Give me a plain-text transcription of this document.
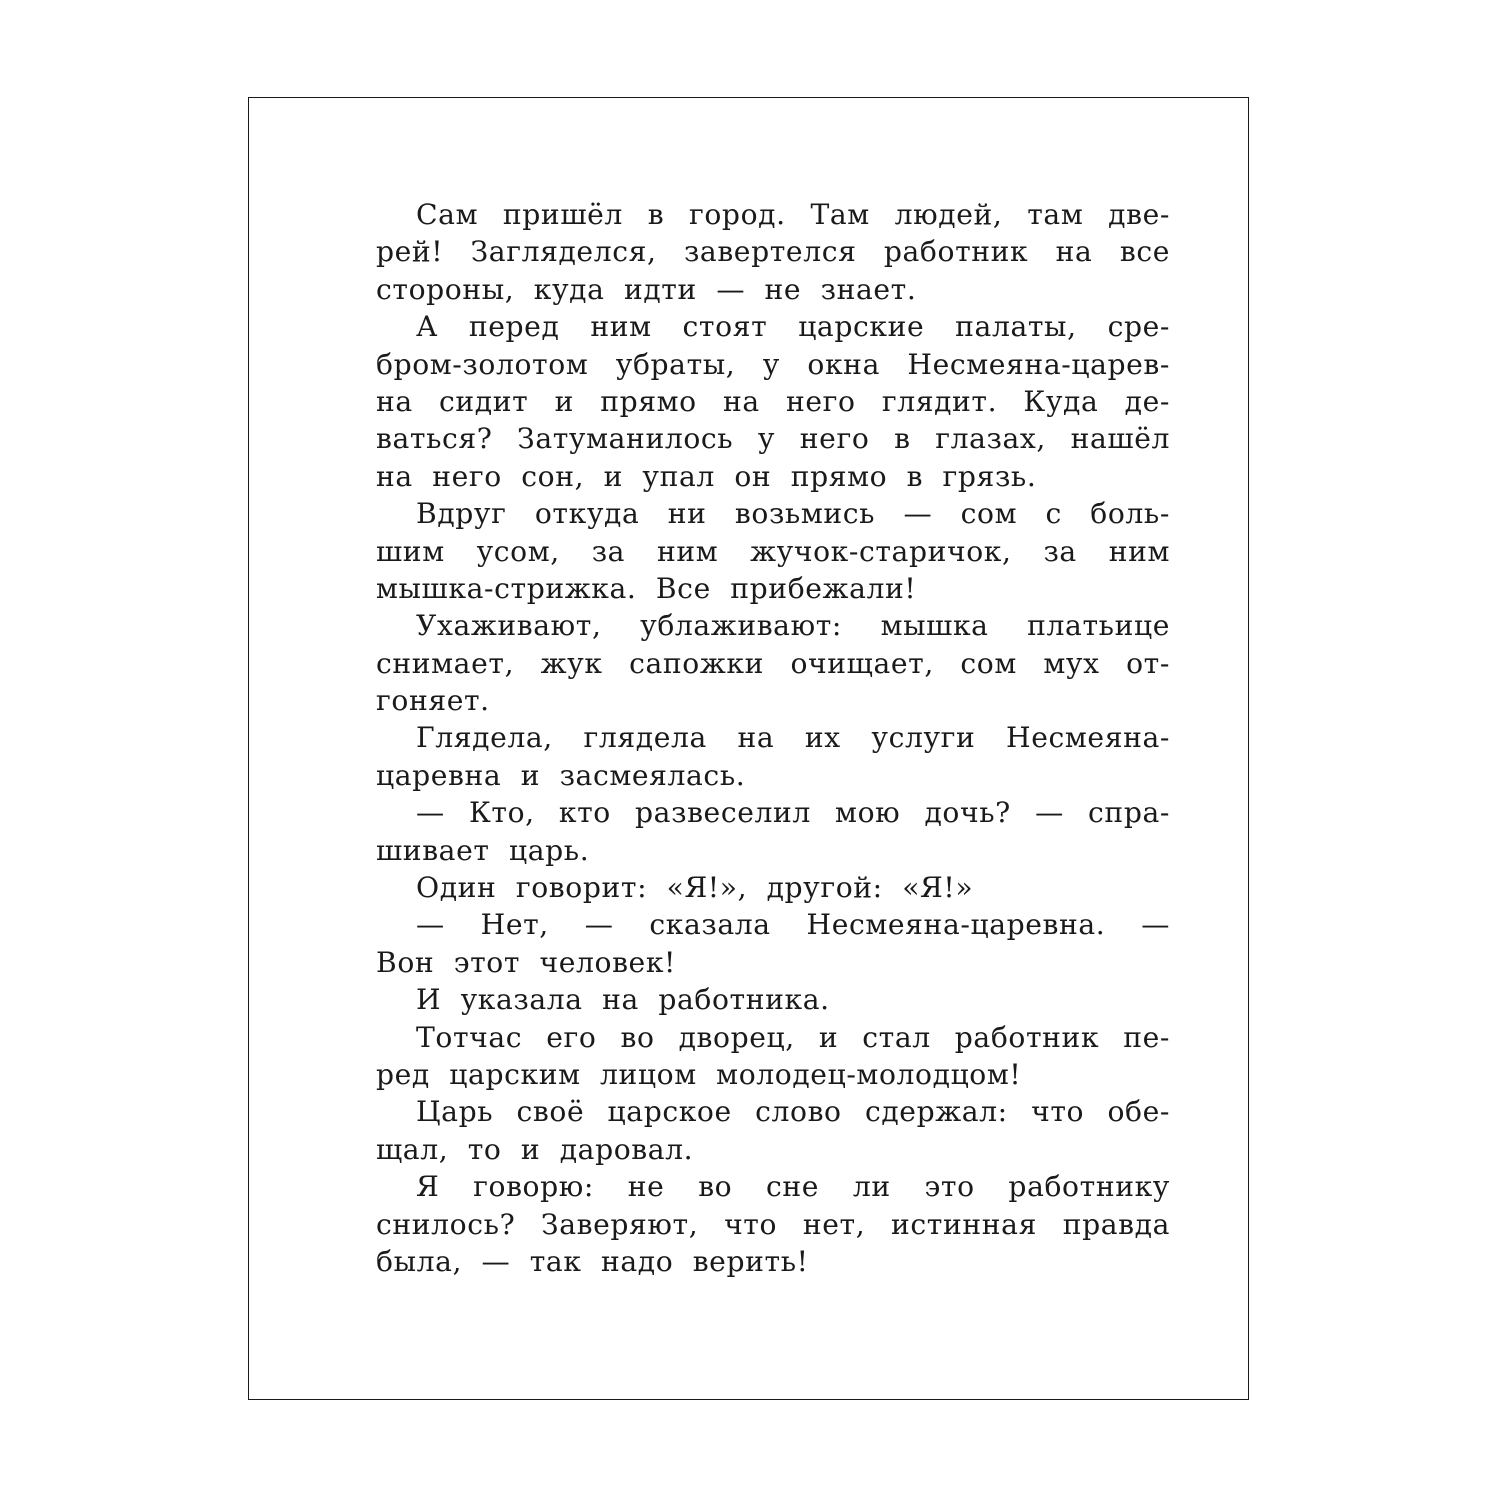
Сам пришёл в город. Там людей, там две-
рей! Загляделся, завертелся работник на все
стороны, куда идти — не знает.
А перед ним стоят царские палаты, сре-
бром-золотом убраты, у окна Несмеяна-царев-
на сидит и прямо на него глядит. Куда де-
ваться? Затуманилось у него в глазах, нашёл
на него сон, и упал он прямо в грязь.
Вдруг откуда ни возьмись — сом с боль-
шим усом, за ним жучок-старичок, за ним
мышка-стрижка. Все прибежали!
Ухаживают, ублаживают: мышка платьице
снимает, жук сапожки очищает, сом мух от-
гоняет.
Глядела, глядела на их услуги Несмеяна-
царевна и засмеялась.
— Кто, кто развеселил мою дочь? — спра-
шивает царь.
Один говорит: «Я!», другой: «Я!»
— Нет, — сказала Несмеяна-царевна. —
Вон этот человек!
И указала на работника.
Тотчас его во дворец, и стал работник пе-
ред царским лицом молодец-молодцом!
Царь своё царское слово сдержал: что обе-
щал, то и даровал.
Я говорю: не во сне ли это работнику
снилось? Заверяют, что нет, истинная правда
была, — так надо верить!
